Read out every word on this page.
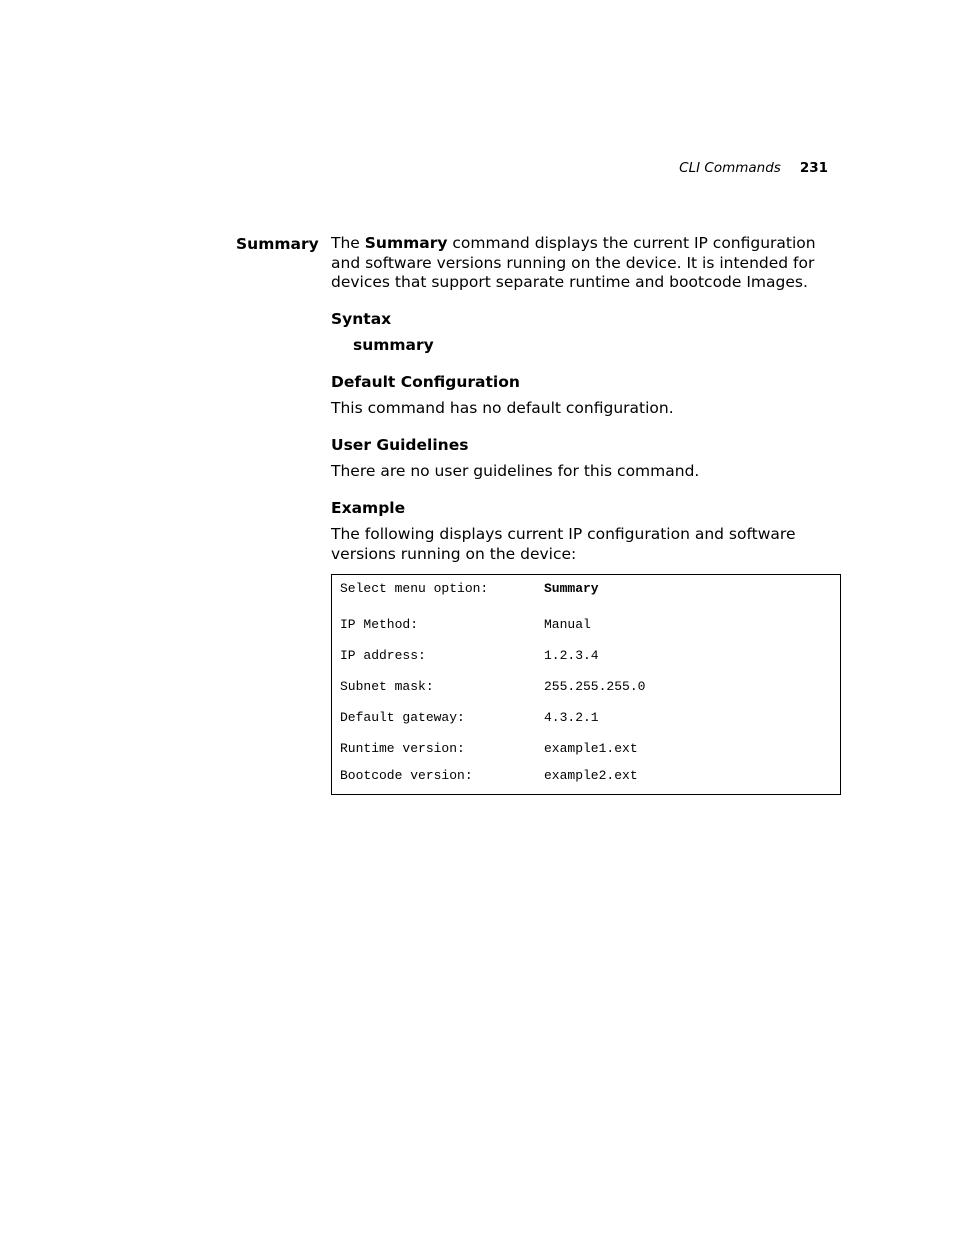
CLI Commands 231
Summary The Summary command displays the current IP configuration and software versions running on the device. It is intended for devices that support separate runtime and bootcode Images.

Syntax

summary

Default Configuration

This command has no default configuration.

User Guidelines

There are no user guidelines for this command.

Example

The following displays current IP configuration and software versions running on the device:

Select menu option:	Summary
IP Method:	Manual
IP address:	1.2.3.4
Subnet mask:	255.255.255.0
Default gateway:	4.3.2.1
Runtime version:	example1.ext
Bootcode version:	example2.ext
